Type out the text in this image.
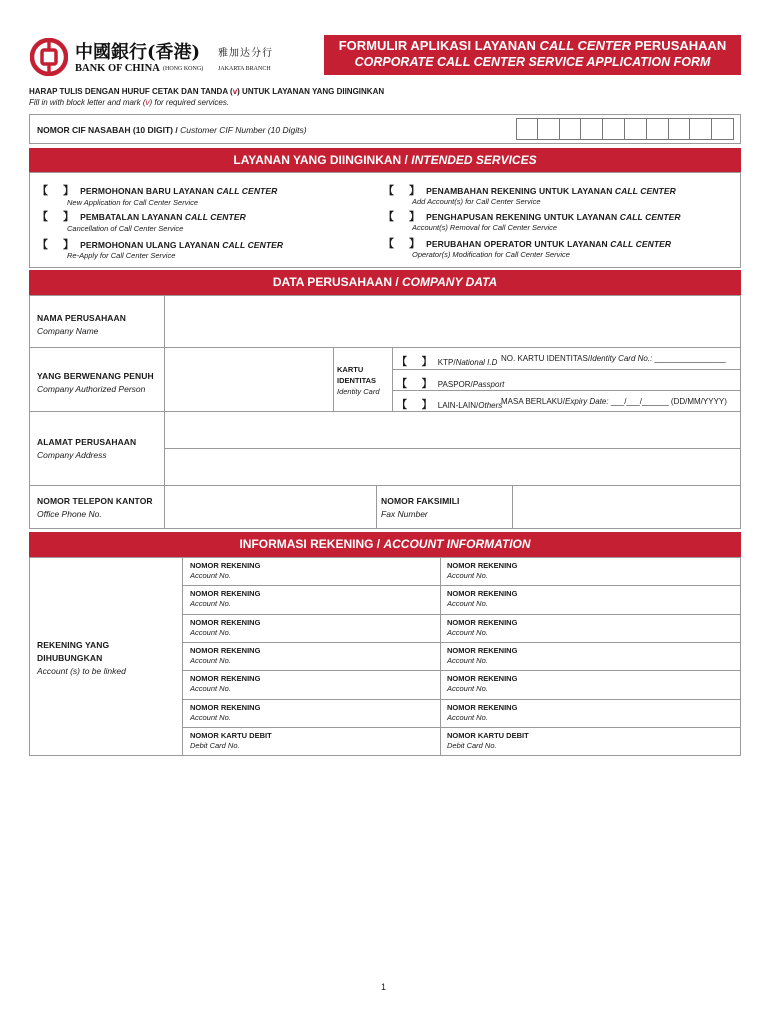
中國銀行(香港) 雅加达分行
BANK OF CHINA (HONG KONG) JAKARTA BRANCH
FORMULIR APLIKASI LAYANAN CALL CENTER PERUSAHAAN
CORPORATE CALL CENTER SERVICE APPLICATION FORM
HARAP TULIS DENGAN HURUF CETAK DAN TANDA (v) UNTUK LAYANAN YANG DIINGINKAN
Fill in with block letter and mark (v) for required services.
NOMOR CIF NASABAH (10 DIGIT) / Customer CIF Number (10 Digits)
LAYANAN YANG DIINGINKAN / INTENDED SERVICES
【 】PERMOHONAN BARU LAYANAN CALL CENTER
New Application for Call Center Service
【 】PEMBATALAN LAYANAN CALL CENTER
Cancellation of Call Center Service
【 】PERMOHONAN ULANG LAYANAN CALL CENTER
Re-Apply for Call Center Service
【 】PENAMBAHAN REKENING UNTUK LAYANAN CALL CENTER
Add Account(s) for Call Center Service
【 】PENGHAPUSAN REKENING UNTUK LAYANAN CALL CENTER
Account(s) Removal for Call Center Service
【 】PERUBAHAN OPERATOR UNTUK LAYANAN CALL CENTER
Operator(s) Modification for Call Center Service
DATA PERUSAHAAN / COMPANY DATA
NAMA PERUSAHAAN
Company Name
YANG BERWENANG PENUH
Company Authorized Person
KARTU
IDENTITAS
Identity Card
【 】KTP/National I.D NO. KARTU IDENTITAS/Identity Card No.: ________________
【 】PASPOR/Passport
【 】LAIN-LAIN/Others
MASA BERLAKU/Expiry Date: ___/___/______ (DD/MM/YYYY)
ALAMAT PERUSAHAAN
Company Address
NOMOR TELEPON KANTOR
Office Phone No.
NOMOR FAKSIMILI
Fax Number
INFORMASI REKENING / ACCOUNT INFORMATION
REKENING YANG
DIHUBUNGKAN
Account (s) to be linked
NOMOR REKENING
Account No.
NOMOR REKENING
Account No.
NOMOR REKENING
Account No.
NOMOR REKENING
Account No.
NOMOR REKENING
Account No.
NOMOR REKENING
Account No.
NOMOR REKENING
Account No.
NOMOR REKENING
Account No.
NOMOR REKENING
Account No.
NOMOR REKENING
Account No.
NOMOR REKENING
Account No.
NOMOR REKENING
Account No.
NOMOR KARTU DEBIT
Debit Card No.
NOMOR KARTU DEBIT
Debit Card No.
1
